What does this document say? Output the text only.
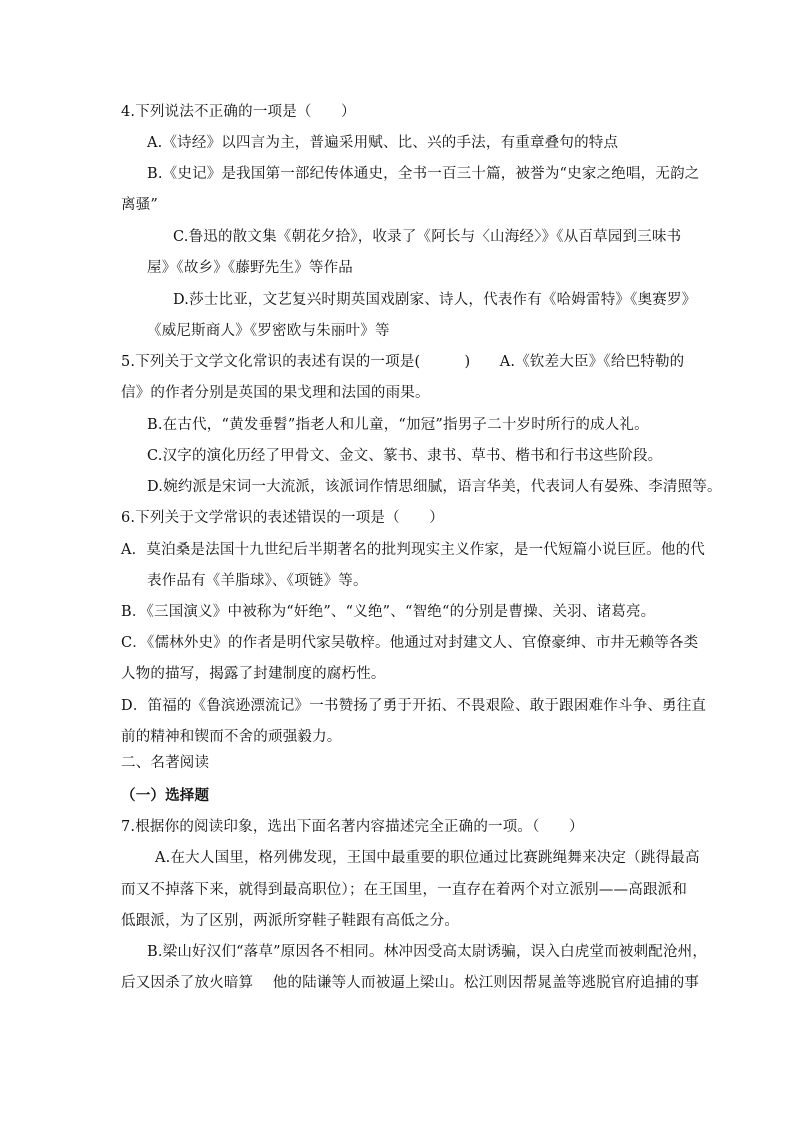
4.下列说法不正确的一项是（　　）
A.《诗经》以四言为主，普遍采用赋、比、兴的手法，有重章叠句的特点
B.《史记》是我国第一部纪传体通史，全书一百三十篇，被誉为“史家之绝唱，无韵之
离骚”
C.鲁迅的散文集《朝花夕拾》，收录了《阿长与〈山海经〉》《从百草园到三味书
屋》《故乡》《藤野先生》等作品
D.莎士比亚，文艺复兴时期英国戏剧家、诗人，代表作有《哈姆雷特》《奥赛罗》
《威尼斯商人》《罗密欧与朱丽叶》等
5.下列关于文学文化常识的表述有误的一项是(　　　)　　A.《钦差大臣》《给巴特勒的
信》的作者分别是英国的果戈理和法国的雨果。
B.在古代，“黄发垂髫”指老人和儿童，“加冠”指男子二十岁时所行的成人礼。
C.汉字的演化历经了甲骨文、金文、篆书、隶书、草书、楷书和行书这些阶段。
D.婉约派是宋词一大流派，该派词作情思细腻，语言华美，代表词人有晏殊、李清照等。
6.下列关于文学常识的表述错误的一项是（　　）
A．莫泊桑是法国十九世纪后半期著名的批判现实主义作家，是一代短篇小说巨匠。他的代
表作品有《羊脂球》、《项链》等。
B．《三国演义》中被称为“奸绝”、“义绝”、“智绝“的分别是曹操、关羽、诸葛亮。
C．《儒林外史》的作者是明代家吴敬梓。他通过对封建文人、官僚豪绅、市井无赖等各类
人物的描写，揭露了封建制度的腐朽性。
D．笛福的《鲁滨逊漂流记》一书赞扬了勇于开拓、不畏艰险、敢于跟困难作斗争、勇往直
前的精神和锲而不舍的顽强毅力。
二、名著阅读
（一）选择题
7.根据你的阅读印象，选出下面名著内容描述完全正确的一项。（　　）
A.在大人国里，格列佛发现，王国中最重要的职位通过比赛跳绳舞来决定（跳得最高
而又不掉落下来，就得到最高职位）；在王国里，一直存在着两个对立派别——高跟派和
低跟派，为了区别，两派所穿鞋子鞋跟有高低之分。
B.梁山好汉们“落草”原因各不相同。林冲因受高太尉诱骗，误入白虎堂而被刺配沧州，
后又因杀了放火暗算　 他的陆谦等人而被逼上梁山。松江则因帮晁盖等逃脱官府追捕的事
